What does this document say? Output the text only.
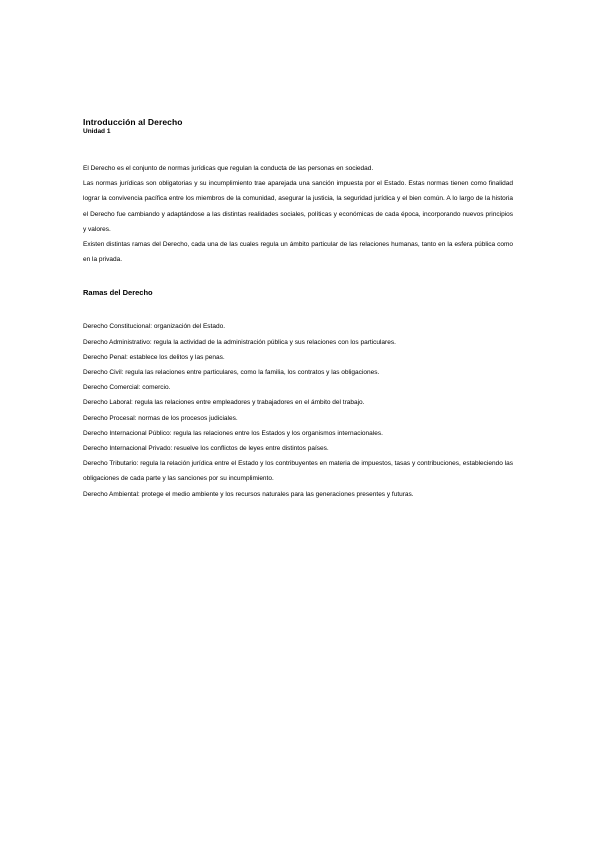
Introducción al Derecho
Unidad 1

El Derecho es el conjunto de normas jurídicas que regulan la conducta de las personas en sociedad.

Las normas jurídicas son obligatorias y su incumplimiento trae aparejada una sanción impuesta por el Estado. Estas normas tienen como finalidad lograr la convivencia pacífica entre los miembros de la comunidad, asegurar la justicia, la seguridad jurídica y el bien común. A lo largo de la historia el Derecho fue cambiando y adaptándose a las distintas realidades sociales, políticas y económicas de cada época, incorporando nuevos principios y valores.

Existen distintas ramas del Derecho, cada una de las cuales regula un ámbito particular de las relaciones humanas, tanto en la esfera pública como en la privada.

Ramas del Derecho
Derecho Constitucional: organización del Estado.
Derecho Administrativo: regula la actividad de la administración pública y sus relaciones con los particulares.
Derecho Penal: establece los delitos y las penas.
Derecho Civil: regula las relaciones entre particulares, como la familia, los contratos y las obligaciones.
Derecho Comercial: comercio.
Derecho Laboral: regula las relaciones entre empleadores y trabajadores en el ámbito del trabajo.
Derecho Procesal: normas de los procesos judiciales.
Derecho Internacional Público: regula las relaciones entre los Estados y los organismos internacionales.
Derecho Internacional Privado: resuelve los conflictos de leyes entre distintos países.
Derecho Tributario: regula la relación jurídica entre el Estado y los contribuyentes en materia de impuestos, tasas y contribuciones, estableciendo las obligaciones de cada parte y las sanciones por su incumplimiento.
Derecho Ambiental: protege el medio ambiente y los recursos naturales para las generaciones presentes y futuras.
